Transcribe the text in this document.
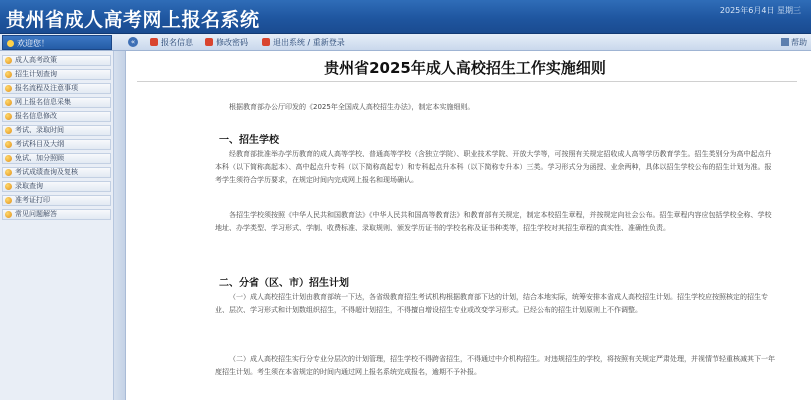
贵州省成人高考网上报名系统	2025年6月4日 星期三
欢迎您！	«	报名信息	修改密码	退出系统 / 重新登录	帮助
成人高考政策
招生计划查询
报名流程及注意事项
网上报名信息采集
报名信息修改
考试、录取时间
考试科目及大纲
免试、加分照顾
考试成绩查询及复核
录取查询
准考证打印
常见问题解答
贵州省2025年成人高校招生工作实施细则
根据教育部办公厅印发的《2025年全国成人高校招生办法》，制定本实施细则。
一、招生学校
经教育部批准举办学历教育的成人高等学校、普通高等学校（含独立学院）、职业技术学院、开放大学等，可按照有关规定招收成人高等学历教育学生。招生类别分为高中起点升本科（以下简称高起本）、高中起点升专科（以下简称高起专）和专科起点升本科（以下简称专升本）三类。学习形式分为函授、业余两种，具体以招生学校公布的招生计划为准。报考学生须符合学历要求，在规定时间内完成网上报名和现场确认。
各招生学校须按照《中华人民共和国教育法》《中华人民共和国高等教育法》和教育部有关规定，制定本校招生章程，并按规定向社会公布。招生章程内容应包括学校全称、学校地址、办学类型、学习形式、学制、收费标准、录取规则、颁发学历证书的学校名称及证书种类等，招生学校对其招生章程的真实性、准确性负责。
二、分省（区、市）招生计划
（一）成人高校招生计划由教育部统一下达，各省级教育招生考试机构根据教育部下达的计划，结合本地实际，统筹安排本省成人高校招生计划。招生学校应按照核定的招生专业、层次、学习形式和计划数组织招生，不得超计划招生，不得擅自增设招生专业或改变学习形式。已经公布的招生计划原则上不作调整。
（二）成人高校招生实行分专业分层次的计划管理，招生学校不得跨省招生，不得通过中介机构招生。对违规招生的学校，将按照有关规定严肃处理，并视情节轻重核减其下一年度招生计划。考生须在本省规定的时间内通过网上报名系统完成报名，逾期不予补报。
